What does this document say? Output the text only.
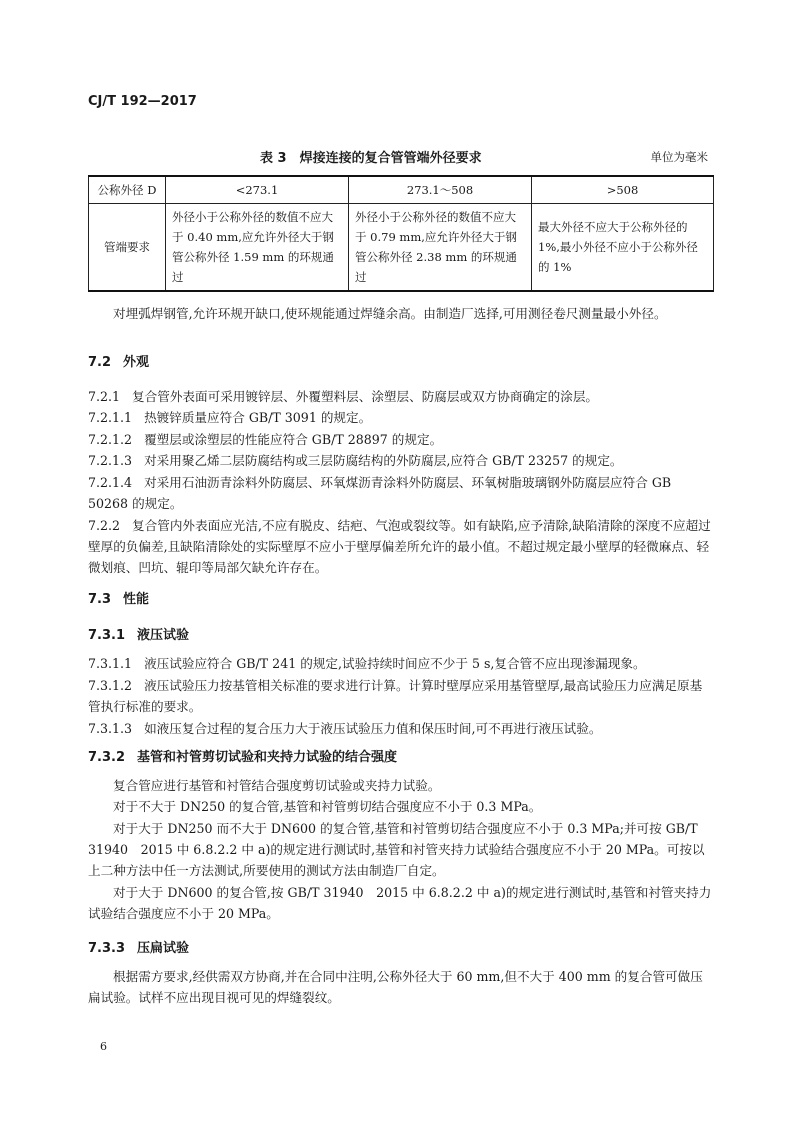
CJ/T 192—2017
表 3　焊接连接的复合管管端外径要求	单位为毫米
公称外径 D	<273.1	273.1～508	>508
管端要求	外径小于公称外径的数值不应大于 0.40 mm,应允许外径大于钢管公称外径 1.59 mm 的环规通过	外径小于公称外径的数值不应大于 0.79 mm,应允许外径大于钢管公称外径 2.38 mm 的环规通过	最大外径不应大于公称外径的 1%,最小外径不应小于公称外径的 1%

对埋弧焊钢管,允许环规开缺口,使环规能通过焊缝余高。由制造厂选择,可用测径卷尺测量最小外径。

7.2 外观

7.2.1 复合管外表面可采用镀锌层、外覆塑料层、涂塑层、防腐层或双方协商确定的涂层。

7.2.1.1 热镀锌质量应符合 GB/T 3091 的规定。

7.2.1.2 覆塑层或涂塑层的性能应符合 GB/T 28897 的规定。

7.2.1.3 对采用聚乙烯二层防腐结构或三层防腐结构的外防腐层,应符合 GB/T 23257 的规定。

7.2.1.4 对采用石油沥青涂料外防腐层、环氧煤沥青涂料外防腐层、环氧树脂玻璃钢外防腐层应符合 GB 50268 的规定。

7.2.2 复合管内外表面应光洁,不应有脱皮、结疤、气泡或裂纹等。如有缺陷,应予清除,缺陷清除的深度不应超过壁厚的负偏差,且缺陷清除处的实际壁厚不应小于壁厚偏差所允许的最小值。不超过规定最小壁厚的轻微麻点、轻微划痕、凹坑、辊印等局部欠缺允许存在。

7.3 性能
7.3.1 液压试验

7.3.1.1 液压试验应符合 GB/T 241 的规定,试验持续时间应不少于 5 s,复合管不应出现渗漏现象。

7.3.1.2 液压试验压力按基管相关标准的要求进行计算。计算时壁厚应采用基管壁厚,最高试验压力应满足原基管执行标准的要求。

7.3.1.3 如液压复合过程的复合压力大于液压试验压力值和保压时间,可不再进行液压试验。

7.3.2 基管和衬管剪切试验和夹持力试验的结合强度

复合管应进行基管和衬管结合强度剪切试验或夹持力试验。

对于不大于 DN250 的复合管,基管和衬管剪切结合强度应不小于 0.3 MPa。

对于大于 DN250 而不大于 DN600 的复合管,基管和衬管剪切结合强度应不小于 0.3 MPa;并可按 GB/T 31940　2015 中 6.8.2.2 中 a)的规定进行测试时,基管和衬管夹持力试验结合强度应不小于 20 MPa。可按以上二种方法中任一方法测试,所要使用的测试方法由制造厂自定。

对于大于 DN600 的复合管,按 GB/T 31940　2015 中 6.8.2.2 中 a)的规定进行测试时,基管和衬管夹持力试验结合强度应不小于 20 MPa。

7.3.3 压扁试验

根据需方要求,经供需双方协商,并在合同中注明,公称外径大于 60 mm,但不大于 400 mm 的复合管可做压扁试验。试样不应出现目视可见的焊缝裂纹。

6
